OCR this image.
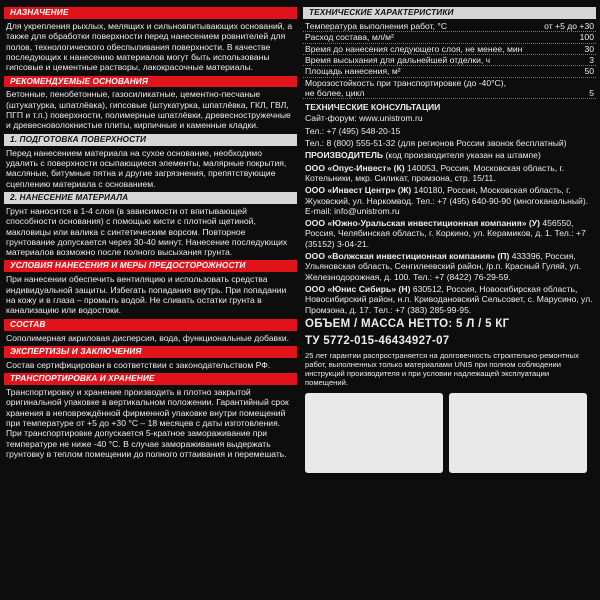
НАЗНАЧЕНИЕ

Для укрепления рыхлых, мелящих и сильновпитывающих оснований, а также для обработки поверхности перед нанесением ровнителей для полов, технологического обеспыливания поверхности. В качестве последующих к нанесению материалов могут быть использованы гипсовые и цементные растворы, лакокрасочные материалы.

РЕКОМЕНДУЕМЫЕ ОСНОВАНИЯ

Бетонные, пенобетонные, газосиликатные, цементно-песчаные (штукатурка, шпатлёвка), гипсовые (штукатурка, шпатлёвка, ГКЛ, ГВЛ, ПГП и т.п.) поверхности, полимерные шпатлёвки, древесностружечные и древесноволокнистые плиты, кирпичные и каменные кладки.

1. ПОДГОТОВКА ПОВЕРХНОСТИ

Перед нанесением материала на сухое основание, необходимо удалить с поверхности осыпающиеся элементы, малярные покрытия, масляные, битумные пятна и другие загрязнения, препятствующие сцеплению материала с основанием.

2. НАНЕСЕНИЕ МАТЕРИАЛА

Грунт наносится в 1-4 слоя (в зависимости от впитывающей способности основания) с помощью кисти с плотной щетиной, макловицы или валика с синтетическим ворсом. Повторное грунтование допускается через 30-40 минут. Нанесение последующих материалов возможно после полного высыхания грунта.

УСЛОВИЯ НАНЕСЕНИЯ И МЕРЫ ПРЕДОСТОРОЖНОСТИ

При нанесении обеспечить вентиляцию и использовать средства индивидуальной защиты. Избегать попадания внутрь. При попадании на кожу и в глаза – промыть водой. Не сливать остатки грунта в канализацию или водостоки.

СОСТАВ

Сополимерная акриловая дисперсия, вода, функциональные добавки.

ЭКСПЕРТИЗЫ И ЗАКЛЮЧЕНИЯ

Состав сертифицирован в соответствии с законодательством РФ.

ТРАНСПОРТИРОВКА И ХРАНЕНИЕ

Транспортировку и хранение производить в плотно закрытой оригинальной упаковке в вертикальном положении. Гарантийный срок хранения в неповреждённой фирменной упаковке внутри помещений при температуре от +5 до +30 °C – 18 месяцев с даты изготовления. При транспортировке допускается 5-кратное замораживание при температуре не ниже -40 °C. В случае замораживания выдержать грунтовку в теплом помещении до полного оттаивания и перемешать.

ТЕХНИЧЕСКИЕ ХАРАКТЕРИСТИКИ
Температура выполнения работ, °C	от +5 до +30
Расход состава, мл/м²	100
Время до нанесения следующего слоя, не менее, мин	30
Время высыхания для дальнейшей отделки, ч	3
Площадь нанесения, м²	50
Морозостойкость при транспортировке (до -40°C),
не более, цикл	5
ТЕХНИЧЕСКИЕ КОНСУЛЬТАЦИИ

Сайт-форум: www.unistrom.ru

Тел.: +7 (495) 548-20-15

Тел.: 8 (800) 555-51-32 (для регионов России звонок бесплатный)

ПРОИЗВОДИТЕЛЬ (код производителя указан на штампе)

ООО «Опус-Инвест» (К) 140053, Россия, Московская область, г. Котельники, мкр. Силикат, промзона, стр. 15/11.

ООО «Инвест Центр» (Ж) 140180, Россия, Московская область, г. Жуковский, ул. Наркомвод. Тел.: +7 (495) 640-90-90 (многоканальный). E-mail: info@unistrom.ru

ООО «Южно-Уральская инвестиционная компания» (У) 456550, Россия, Челябинская область, г. Коркино, ул. Керамиков, д. 1. Тел.: +7 (35152) 3-04-21.

ООО «Волжская инвестиционная компания» (П) 433396, Россия, Ульяновская область, Сенгилеевский район, /р.п. Красный Гуляй, ул. Железнодорожная, д. 100. Тел.: +7 (8422) 76-29-59.

ООО «Юнис Сибирь» (Н) 630512, Россия, Новосибирская область, Новосибирский район, н.п. Криводановский Сельсовет, с. Марусино, ул. Промзона, д. 17. Тел.: +7 (383) 285-99-95.

ОБЪЕМ / МАССА НЕТТО: 5 Л / 5 КГ
ТУ 5772-015-46434927-07

25 лет гарантии распространяется на долговечность строительно-ремонтных работ, выполненных только материалами UNIS при полном соблюдении инструкций производителя и при условии надлежащей эксплуатации помещений.
